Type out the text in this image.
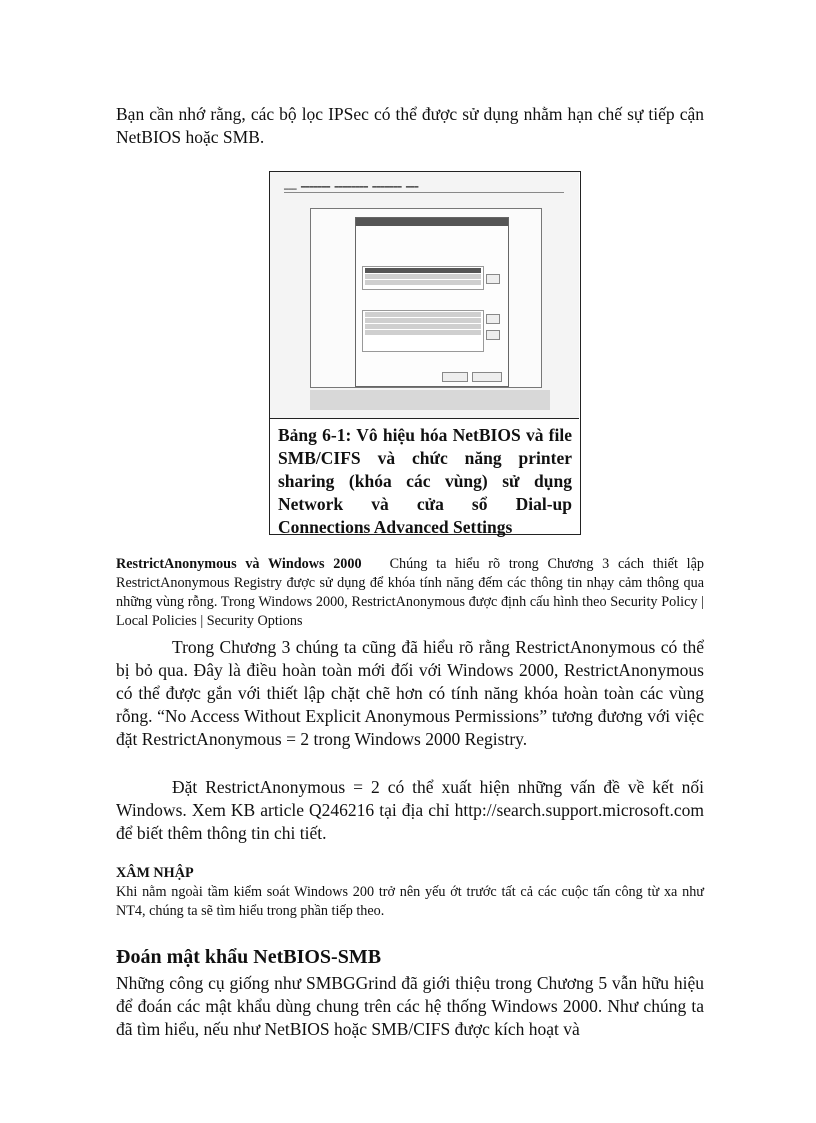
Bạn cần nhớ rằng, các bộ lọc IPSec có thể được sử dụng nhằm hạn chế sự tiếp cận NetBIOS hoặc SMB.

▁▁▁ ▬▬▬▬▬▬▬ ▬▬▬▬▬▬▬▬ ▬▬▬▬▬▬▬ ▬▬▬

Bảng 6-1: Vô hiệu hóa NetBIOS và file SMB/CIFS và chức năng printer sharing (khóa các vùng) sử dụng Network và cửa sổ Dial-up Connections Advanced Settings

RestrictAnonymous và Windows 2000 Chúng ta hiểu rõ trong Chương 3 cách thiết lập RestrictAnonymous Registry được sử dụng để khóa tính năng đếm các thông tin nhạy cảm thông qua những vùng rỗng. Trong Windows 2000, RestrictAnonymous được định cấu hình theo Security Policy | Local Policies | Security Options

Trong Chương 3 chúng ta cũng đã hiểu rõ rằng RestrictAnonymous có thể bị bỏ qua. Đây là điều hoàn toàn mới đối với Windows 2000, RestrictAnonymous có thể được gắn với thiết lập chặt chẽ hơn có tính năng khóa hoàn toàn các vùng rỗng. “No Access Without Explicit Anonymous Permissions” tương đương với việc đặt RestrictAnonymous = 2 trong Windows 2000 Registry.

Đặt RestrictAnonymous = 2 có thể xuất hiện những vấn đề về kết nối Windows. Xem KB article Q246216 tại địa chỉ http://search.support.microsoft.com để biết thêm thông tin chi tiết.

XÂM NHẬP

Khi nằm ngoài tầm kiểm soát Windows 200 trở nên yếu ớt trước tất cả các cuộc tấn công từ xa như NT4, chúng ta sẽ tìm hiểu trong phần tiếp theo.

Đoán mật khẩu NetBIOS-SMB

Những công cụ giống như SMBGGrind đã giới thiệu trong Chương 5 vẫn hữu hiệu để đoán các mật khẩu dùng chung trên các hệ thống Windows 2000. Như chúng ta đã tìm hiểu, nếu như NetBIOS hoặc SMB/CIFS được kích hoạt và
